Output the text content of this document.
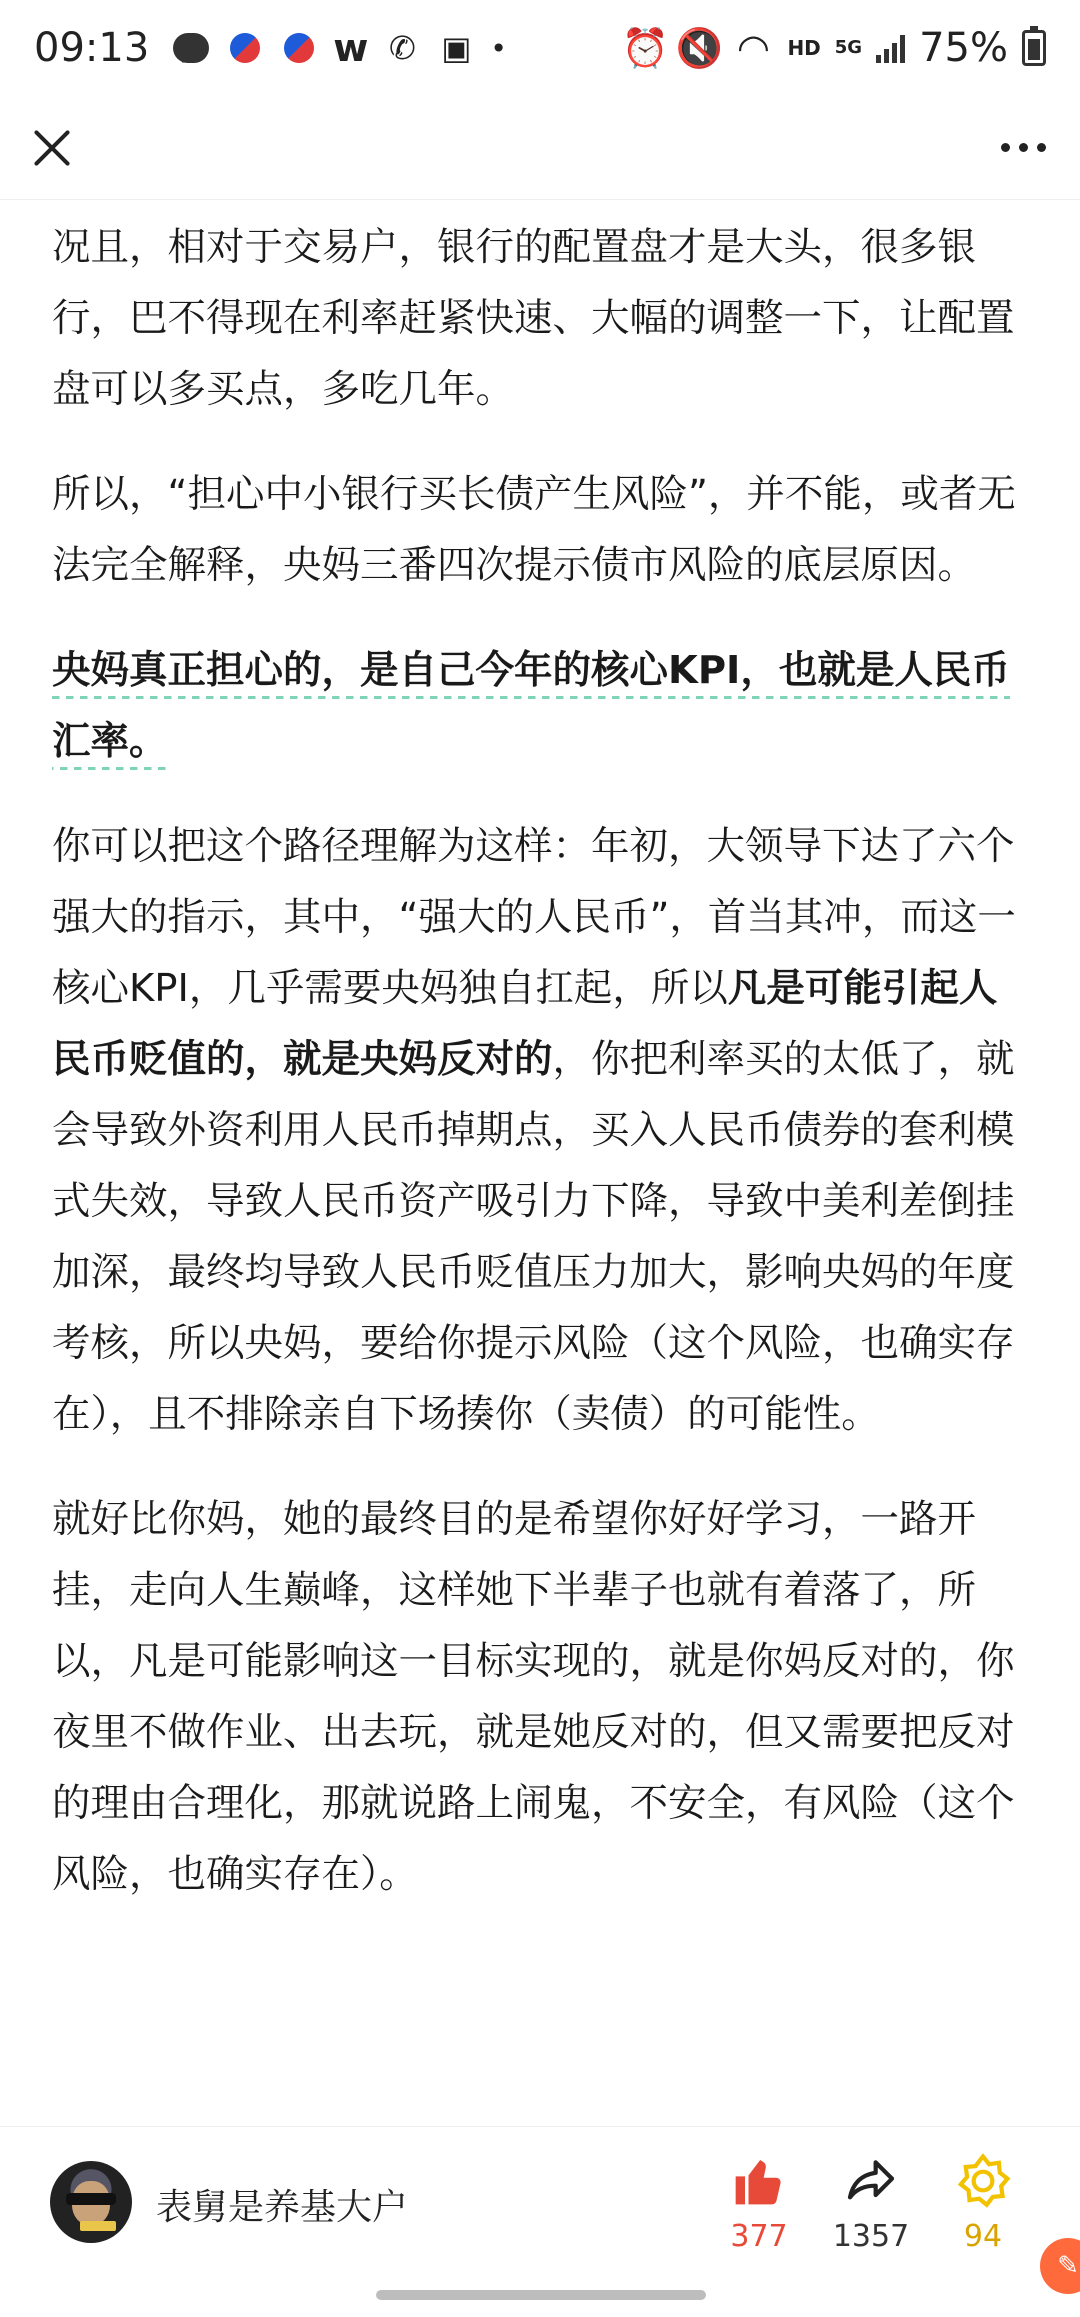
09:13	w ✆ ▣ •	⏰ 🔇 ◠ HD 5G 75%

况且，相对于交易户，银行的配置盘才是大头，很多银行，巴不得现在利率赶紧快速、大幅的调整一下，让配置盘可以多买点，多吃几年。

所以，“担心中小银行买长债产生风险”，并不能，或者无法完全解释，央妈三番四次提示债市风险的底层原因。

央妈真正担心的，是自己今年的核心KPI，也就是人民币汇率。

你可以把这个路径理解为这样：年初，大领导下达了六个强大的指示，其中，“强大的人民币”，首当其冲，而这一核心KPI，几乎需要央妈独自扛起，所以凡是可能引起人民币贬值的，就是央妈反对的，你把利率买的太低了，就会导致外资利用人民币掉期点，买入人民币债券的套利模式失效，导致人民币资产吸引力下降，导致中美利差倒挂加深，最终均导致人民币贬值压力加大，影响央妈的年度考核，所以央妈，要给你提示风险（这个风险，也确实存在），且不排除亲自下场揍你（卖债）的可能性。

就好比你妈，她的最终目的是希望你好好学习，一路开挂，走向人生巅峰，这样她下半辈子也就有着落了，所以，凡是可能影响这一目标实现的，就是你妈反对的，你夜里不做作业、出去玩，就是她反对的，但又需要把反对的理由合理化，那就说路上闹鬼，不安全，有风险（这个风险，也确实存在）。

表舅是养基大户
377	1357	94
✎
